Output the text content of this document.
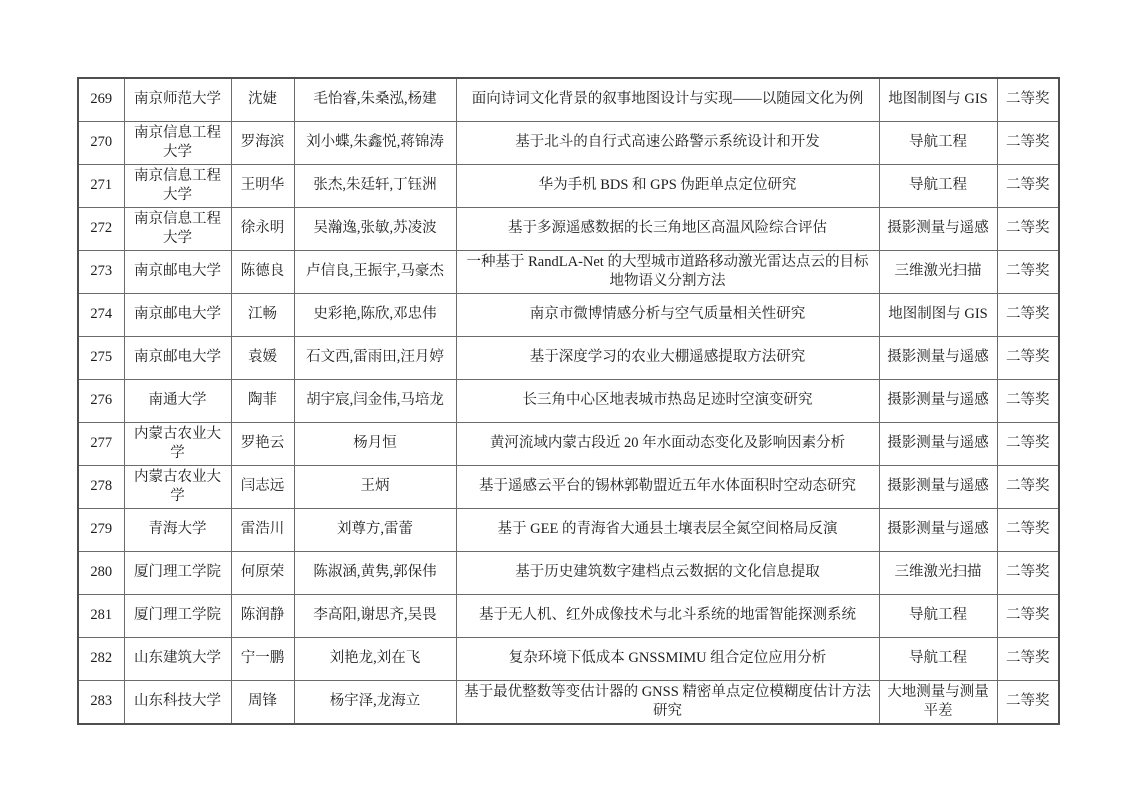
269	南京师范大学	沈婕	毛怡睿,朱桑泓,杨建	面向诗词文化背景的叙事地图设计与实现——以随园文化为例	地图制图与 GIS	二等奖
270	南京信息工程大学	罗海滨	刘小蝶,朱鑫悦,蒋锦涛	基于北斗的自行式高速公路警示系统设计和开发	导航工程	二等奖
271	南京信息工程大学	王明华	张杰,朱廷轩,丁钰洲	华为手机 BDS 和 GPS 伪距单点定位研究	导航工程	二等奖
272	南京信息工程大学	徐永明	吴瀚逸,张敏,苏凌波	基于多源遥感数据的长三角地区高温风险综合评估	摄影测量与遥感	二等奖
273	南京邮电大学	陈德良	卢信良,王振宇,马豪杰	一种基于 RandLA-Net 的大型城市道路移动激光雷达点云的目标地物语义分割方法	三维激光扫描	二等奖
274	南京邮电大学	江畅	史彩艳,陈欣,邓忠伟	南京市微博情感分析与空气质量相关性研究	地图制图与 GIS	二等奖
275	南京邮电大学	袁媛	石文西,雷雨田,汪月婷	基于深度学习的农业大棚遥感提取方法研究	摄影测量与遥感	二等奖
276	南通大学	陶菲	胡宇宸,闫金伟,马培龙	长三角中心区地表城市热岛足迹时空演变研究	摄影测量与遥感	二等奖
277	内蒙古农业大学	罗艳云	杨月恒	黄河流域内蒙古段近 20 年水面动态变化及影响因素分析	摄影测量与遥感	二等奖
278	内蒙古农业大学	闫志远	王炳	基于遥感云平台的锡林郭勒盟近五年水体面积时空动态研究	摄影测量与遥感	二等奖
279	青海大学	雷浩川	刘尊方,雷蕾	基于 GEE 的青海省大通县土壤表层全氮空间格局反演	摄影测量与遥感	二等奖
280	厦门理工学院	何原荣	陈淑涵,黄隽,郭保伟	基于历史建筑数字建档点云数据的文化信息提取	三维激光扫描	二等奖
281	厦门理工学院	陈润静	李高阳,谢思齐,吴畏	基于无人机、红外成像技术与北斗系统的地雷智能探测系统	导航工程	二等奖
282	山东建筑大学	宁一鹏	刘艳龙,刘在飞	复杂环境下低成本 GNSSMIMU 组合定位应用分析	导航工程	二等奖
283	山东科技大学	周锋	杨宇泽,龙海立	基于最优整数等变估计器的 GNSS 精密单点定位模糊度估计方法研究	大地测量与测量平差	二等奖
